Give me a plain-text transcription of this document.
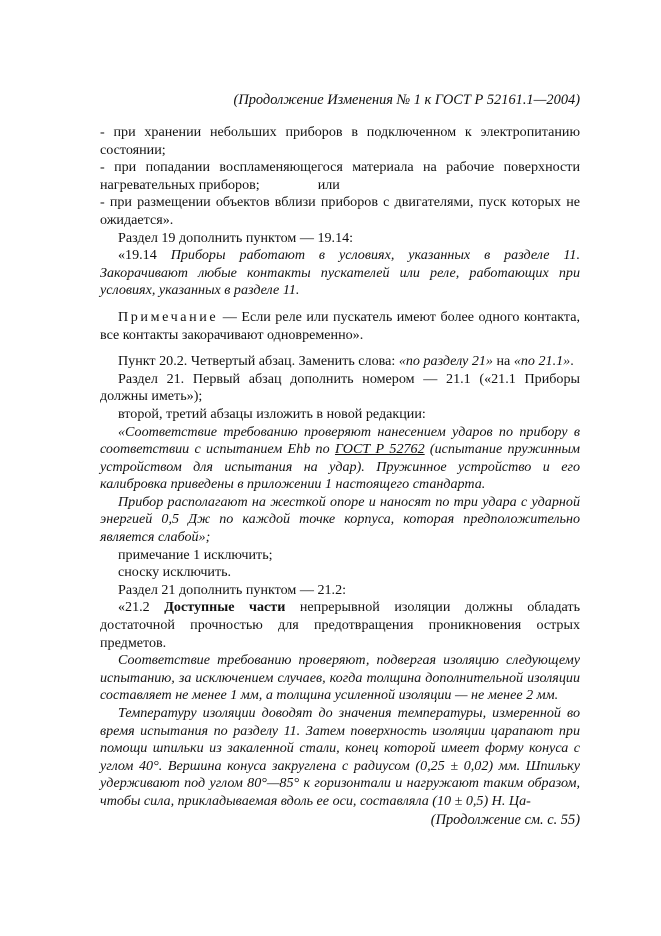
(Продолжение Изменения № 1 к ГОСТ Р 52161.1—2004)

- при хранении небольших приборов в подключенном к электропитанию состоянии;

- при попадании воспламеняющегося материала на рабочие поверхности нагревательных приборов;	или

- при размещении объектов вблизи приборов с двигателями, пуск которых не ожидается».

Раздел 19 дополнить пунктом — 19.14:

«19.14 Приборы работают в условиях, указанных в разделе 11. Закорачивают любые контакты пускателей или реле, работающих при условиях, указанных в разделе 11.

Примечание — Если реле или пускатель имеют более одного контакта, все контакты закорачивают одновременно».

Пункт 20.2. Четвертый абзац. Заменить слова: «по разделу 21» на «по 21.1».

Раздел 21. Первый абзац дополнить номером — 21.1 («21.1 Приборы должны иметь»);

второй, третий абзацы изложить в новой редакции:

«Соответствие требованию проверяют нанесением ударов по прибору в соответствии с испытанием Ehb по ГОСТ Р 52762 (испытание пружинным устройством для испытания на удар). Пружинное устройство и его калибровка приведены в приложении 1 настоящего стандарта.

Прибор располагают на жесткой опоре и наносят по три удара с ударной энергией 0,5 Дж по каждой точке корпуса, которая предположительно является слабой»;

примечание 1 исключить;

сноску исключить.

Раздел 21 дополнить пунктом — 21.2:

«21.2 Доступные части непрерывной изоляции должны обладать достаточной прочностью для предотвращения проникновения острых предметов.

Соответствие требованию проверяют, подвергая изоляцию следующему испытанию, за исключением случаев, когда толщина дополнительной изоляции составляет не менее 1 мм, а толщина усиленной изоляции — не менее 2 мм.

Температуру изоляции доводят до значения температуры, измеренной во время испытания по разделу 11. Затем поверхность изоляции царапают при помощи шпильки из закаленной стали, конец которой имеет форму конуса с углом 40°. Вершина конуса закруглена с радиусом (0,25 ± 0,02) мм. Шпильку удерживают под углом 80°—85° к горизонтали и нагружают таким образом, чтобы сила, прикладываемая вдоль ее оси, составляла (10 ± 0,5) Н. Ца-

(Продолжение см. с. 55)
